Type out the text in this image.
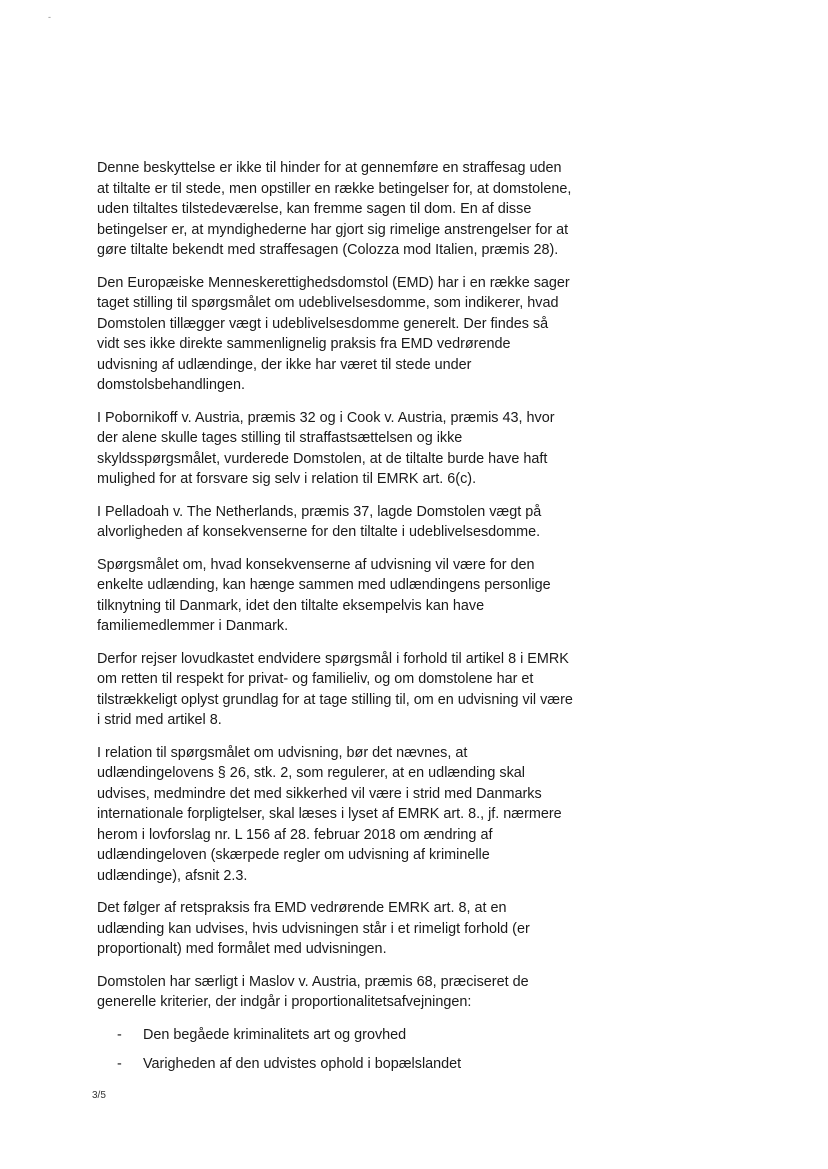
-

Denne beskyttelse er ikke til hinder for at gennemføre en straffesag uden at tiltalte er til stede, men opstiller en række betingelser for, at domstolene, uden tiltaltes tilstedeværelse, kan fremme sagen til dom. En af disse betingelser er, at myndighederne har gjort sig rimelige anstrengelser for at gøre tiltalte bekendt med straffesagen (Colozza mod Italien, præmis 28).

Den Europæiske Menneskerettighedsdomstol (EMD) har i en række sager taget stilling til spørgsmålet om udeblivelsesdomme, som indikerer, hvad Domstolen tillægger vægt i udeblivelsesdomme generelt. Der findes så vidt ses ikke direkte sammenlignelig praksis fra EMD vedrørende udvisning af udlændinge, der ikke har været til stede under domstolsbehandlingen.

I Pobornikoff v. Austria, præmis 32 og i Cook v. Austria, præmis 43, hvor der alene skulle tages stilling til straffastsættelsen og ikke skyldsspørgsmålet, vurderede Domstolen, at de tiltalte burde have haft mulighed for at forsvare sig selv i relation til EMRK art. 6(c).

I Pelladoah v. The Netherlands, præmis 37, lagde Domstolen vægt på alvorligheden af konsekvenserne for den tiltalte i udeblivelsesdomme.

Spørgsmålet om, hvad konsekvenserne af udvisning vil være for den enkelte udlænding, kan hænge sammen med udlændingens personlige tilknytning til Danmark, idet den tiltalte eksempelvis kan have familiemedlemmer i Danmark.

Derfor rejser lovudkastet endvidere spørgsmål i forhold til artikel 8 i EMRK om retten til respekt for privat- og familieliv, og om domstolene har et tilstrækkeligt oplyst grundlag for at tage stilling til, om en udvisning vil være i strid med artikel 8.

I relation til spørgsmålet om udvisning, bør det nævnes, at udlændingelovens § 26, stk. 2, som regulerer, at en udlænding skal udvises, medmindre det med sikkerhed vil være i strid med Danmarks internationale forpligtelser, skal læses i lyset af EMRK art. 8., jf. nærmere herom i lovforslag nr. L 156 af 28. februar 2018 om ændring af udlændingeloven (skærpede regler om udvisning af kriminelle udlændinge), afsnit 2.3.

Det følger af retspraksis fra EMD vedrørende EMRK art. 8, at en udlænding kan udvises, hvis udvisningen står i et rimeligt forhold (er proportionalt) med formålet med udvisningen.

Domstolen har særligt i Maslov v. Austria, præmis 68, præciseret de generelle kriterier, der indgår i proportionalitetsafvejningen:

- Den begåede kriminalitets art og grovhed
- Varigheden af den udvistes ophold i bopælslandet
3/5
